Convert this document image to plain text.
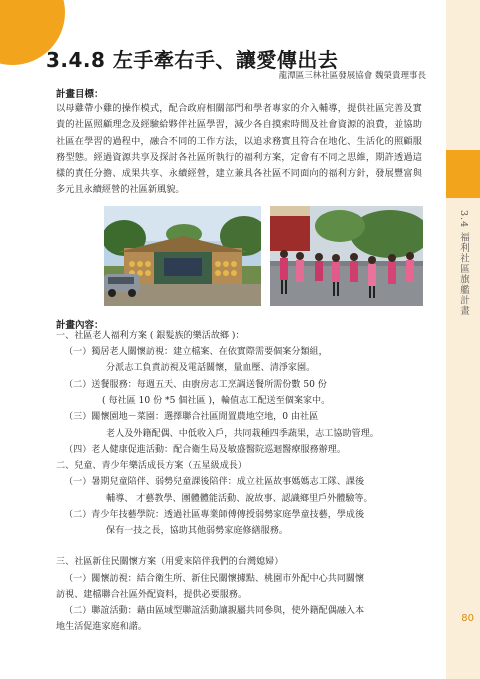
3.4 福利社區旗艦計畫
80
3.4.8 左手牽右手、讓愛傳出去
龍潭區三林社區發展協會 魏榮貴理事長
計畫目標：

以母雞帶小雞的操作模式，配合政府相關部門和學者專家的介入輔導，提供社區完善及實貴的社區照顧理念及經驗給夥伴社區學習，減少各自摸索時間及社會資源的浪費，並協助社區在學習的過程中，融合不同的工作方法，以追求務實且符合在地化、生活化的照顧服務型態。經過資源共享及探討各社區所執行的福利方案，定會有不同之思維，期許透過這樣的責任分擔、成果共享、永續經營，建立兼具各社區不同面向的福利方針，發展豐富與多元且永續經營的社區新風貌。

計畫內容：

一、社區老人福利方案 ( 銀髮族的樂活故鄉 )：

（一）獨居老人關懷訪視：建立檔案、在依實際需要個案分類組，

分派志工負責訪視及電話關懷，量血壓、清淨家園。

（二）送餐服務：每週五天、由廚房志工烹調送餐所需份數 50 份

( 每社區 10 份 *5 個社區 )，輪值志工配送至個案家中。

（三）關懷園地－菜園：選擇聯合社區閒置農地空地，0 由社區

老人及外籍配偶、中低收入戶，共同栽種四季蔬果，志工協助管理。

（四）老人健康促進活動：配合衛生局及敏盛醫院巡迴醫療服務辦理。

二、兒童、青少年樂活成長方案（五星級成長）

（一）暑期兒童陪伴、弱勢兒童課後陪伴：成立社區故事媽媽志工隊、課後

輔導、 才藝教學、團體體能活動、說故事、認識鄉里戶外體驗等。

（二）青少年技藝學院：透過社區專業師傅傳授弱勢家庭學童技藝，學成後

保有一技之長，協助其他弱勢家庭修繕服務。

三、社區新住民關懷方案（用愛來陪伴我們的台灣媳婦）

（一）關懷訪視：結合衛生所、新住民關懷據點、桃園市外配中心共同關懷

訪視、建檔聯合社區外配資料，提供必要服務。

（二）聯誼活動：藉由區域型聯誼活動讓親屬共同參與，使外籍配偶融入本

地生活促進家庭和諧。
